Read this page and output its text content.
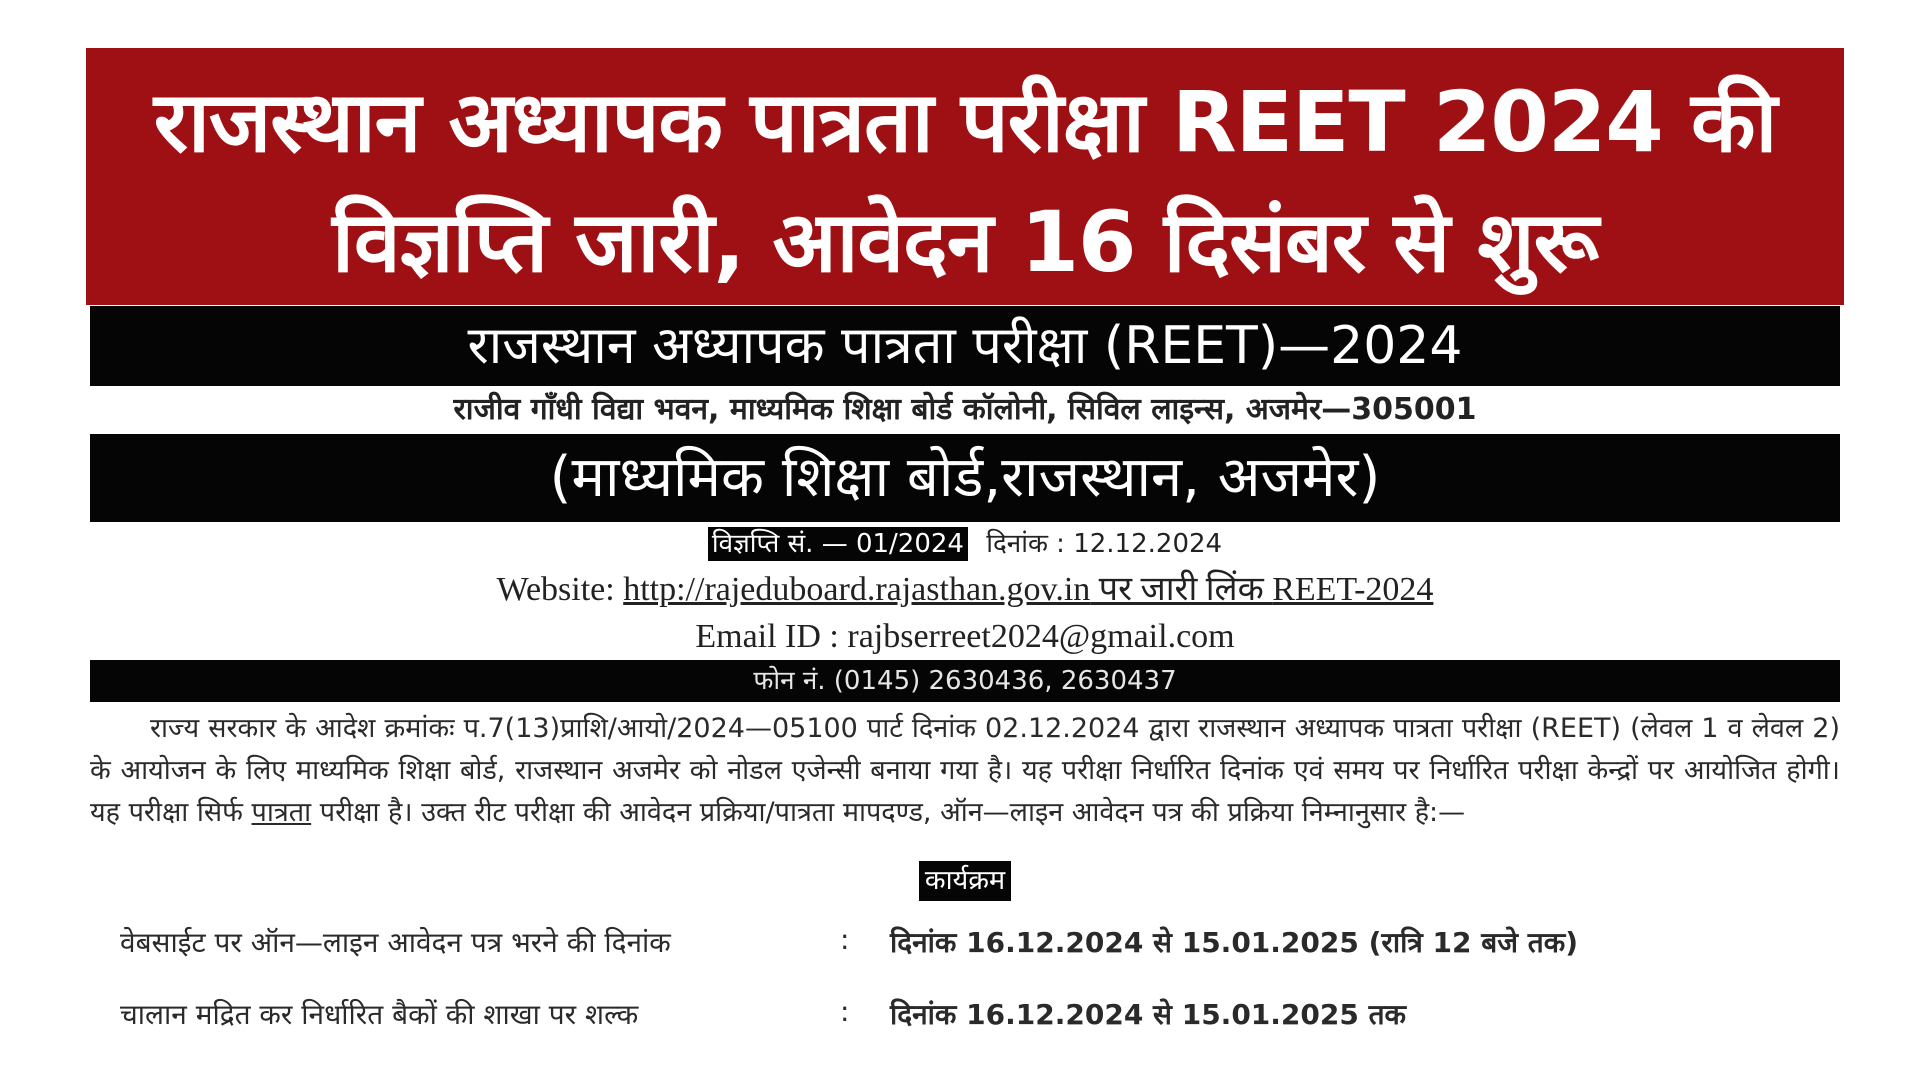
राजस्थान अध्यापक पात्रता परीक्षा REET 2024 की
विज्ञप्ति जारी, आवेदन 16 दिसंबर से शुरू
राजस्थान अध्यापक पात्रता परीक्षा (REET)—2024
राजीव गाँधी विद्या भवन, माध्यमिक शिक्षा बोर्ड कॉलोनी, सिविल लाइन्स, अजमेर—305001
(माध्यमिक शिक्षा बोर्ड,राजस्थान, अजमेर)
विज्ञप्ति सं. — 01/2024 दिनांक : 12.12.2024
Website: http://rajeduboard.rajasthan.gov.in पर जारी लिंक REET-2024
Email ID : rajbserreet2024@gmail.com
फोन नं. (0145) 2630436, 2630437

राज्य सरकार के आदेश क्रमांकः प.7(13)प्राशि/आयो/2024—05100 पार्ट दिनांक 02.12.2024 द्वारा राजस्थान अध्यापक पात्रता परीक्षा (REET) (लेवल 1 व लेवल 2) के आयोजन के लिए माध्यमिक शिक्षा बोर्ड, राजस्थान अजमेर को नोडल एजेन्सी बनाया गया है। यह परीक्षा निर्धारित दिनांक एवं समय पर निर्धारित परीक्षा केन्द्रों पर आयोजित होगी। यह परीक्षा सिर्फ पात्रता परीक्षा है। उक्त रीट परीक्षा की आवेदन प्रक्रिया/पात्रता मापदण्ड, ऑन—लाइन आवेदन पत्र की प्रक्रिया निम्नानुसार है:—

कार्यक्रम
वेबसाईट पर ऑन—लाइन आवेदन पत्र भरने की दिनांक	: दिनांक 16.12.2024 से 15.01.2025 (रात्रि 12 बजे तक)
चालान मद्रित कर निर्धारित बैकों की शाखा पर शल्क	: दिनांक 16.12.2024 से 15.01.2025 तक
